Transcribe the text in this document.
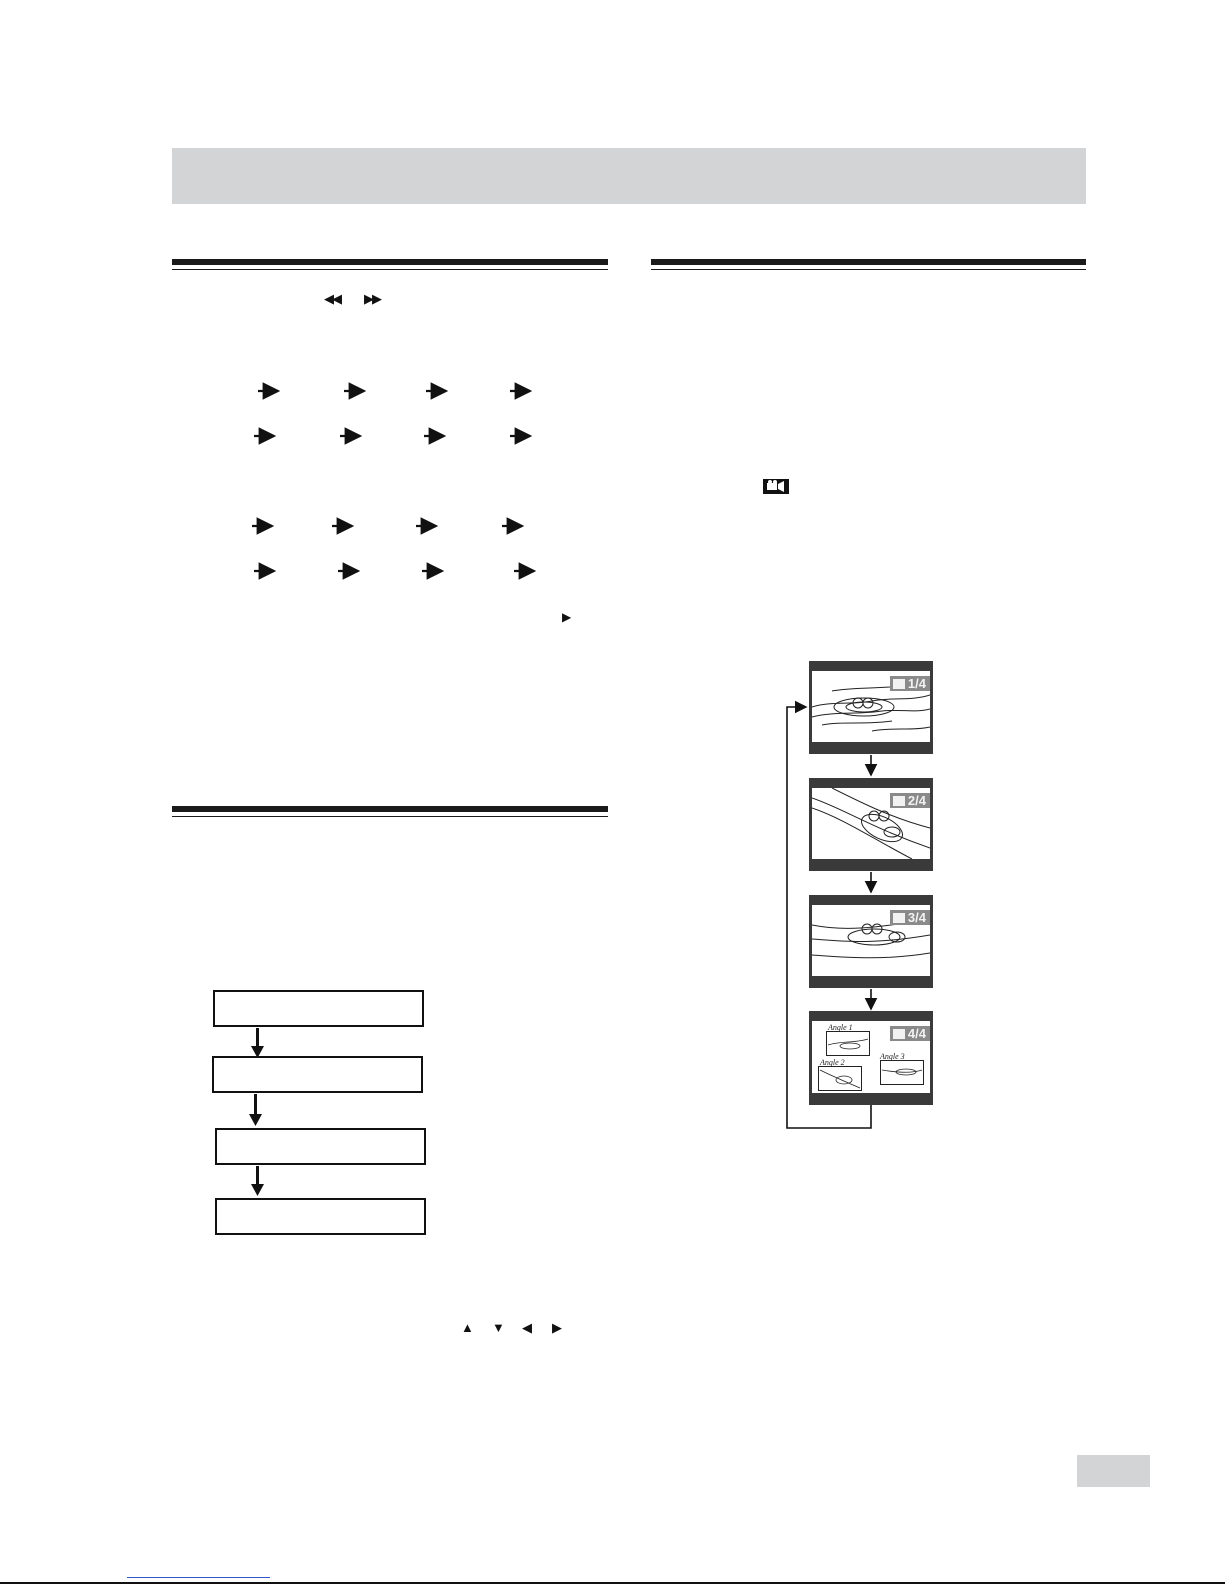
◀◀ ▶▶
▶
▲ ▼ ◀ ▶
1/4
2/4
3/4
Angle 1
Angle 3
Angle 2
4/4
